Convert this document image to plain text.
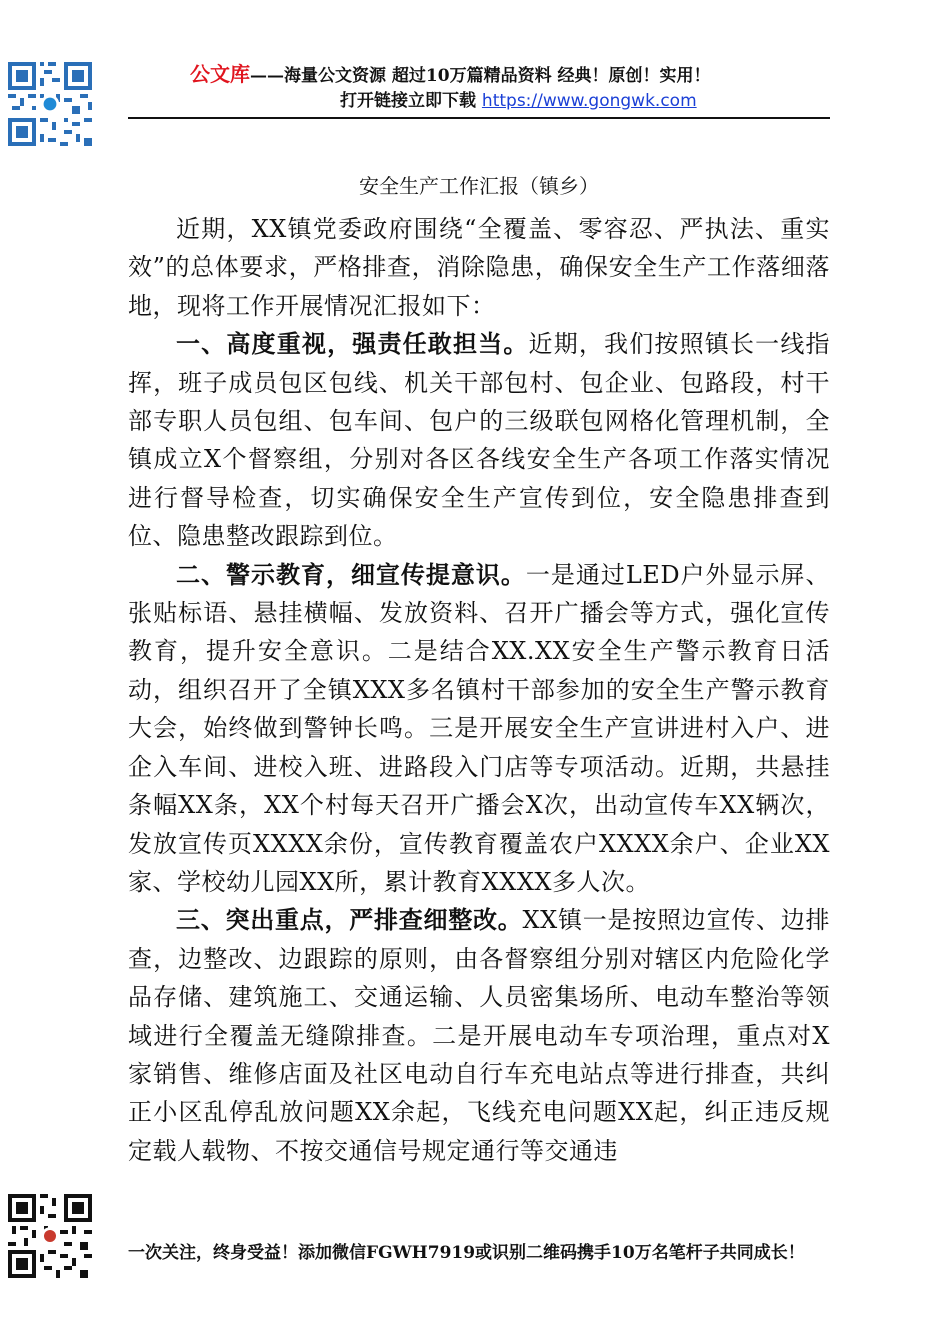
公文库——海量公文资源 超过10万篇精品资料 经典！原创！实用！
打开链接立即下载 https://www.gongwk.com

安全生产工作汇报（镇乡）

近期，XX镇党委政府围绕“全覆盖、零容忍、严执法、重实效”的总体要求，严格排查，消除隐患，确保安全生产工作落细落地，现将工作开展情况汇报如下：

一、高度重视，强责任敢担当。近期，我们按照镇长一线指挥，班子成员包区包线、机关干部包村、包企业、包路段，村干部专职人员包组、包车间、包户的三级联包网格化管理机制，全镇成立X个督察组，分别对各区各线安全生产各项工作落实情况进行督导检查，切实确保安全生产宣传到位，安全隐患排查到位、隐患整改跟踪到位。

二、警示教育，细宣传提意识。一是通过LED户外显示屏、张贴标语、悬挂横幅、发放资料、召开广播会等方式，强化宣传教育，提升安全意识。二是结合XX.XX安全生产警示教育日活动，组织召开了全镇XXX多名镇村干部参加的安全生产警示教育大会，始终做到警钟长鸣。三是开展安全生产宣讲进村入户、进企入车间、进校入班、进路段入门店等专项活动。近期，共悬挂条幅XX条，XX个村每天召开广播会X次，出动宣传车XX辆次，发放宣传页XXXX余份，宣传教育覆盖农户XXXX余户、企业XX家、学校幼儿园XX所，累计教育XXXX多人次。

三、突出重点，严排查细整改。XX镇一是按照边宣传、边排查，边整改、边跟踪的原则，由各督察组分别对辖区内危险化学品存储、建筑施工、交通运输、人员密集场所、电动车整治等领域进行全覆盖无缝隙排查。二是开展电动车专项治理，重点对X家销售、维修店面及社区电动自行车充电站点等进行排查，共纠正小区乱停乱放问题XX余起，飞线充电问题XX起，纠正违反规定载人载物、不按交通信号规定通行等交通违

一次关注，终身受益！添加微信FGWH7919或识别二维码携手10万名笔杆子共同成长！
